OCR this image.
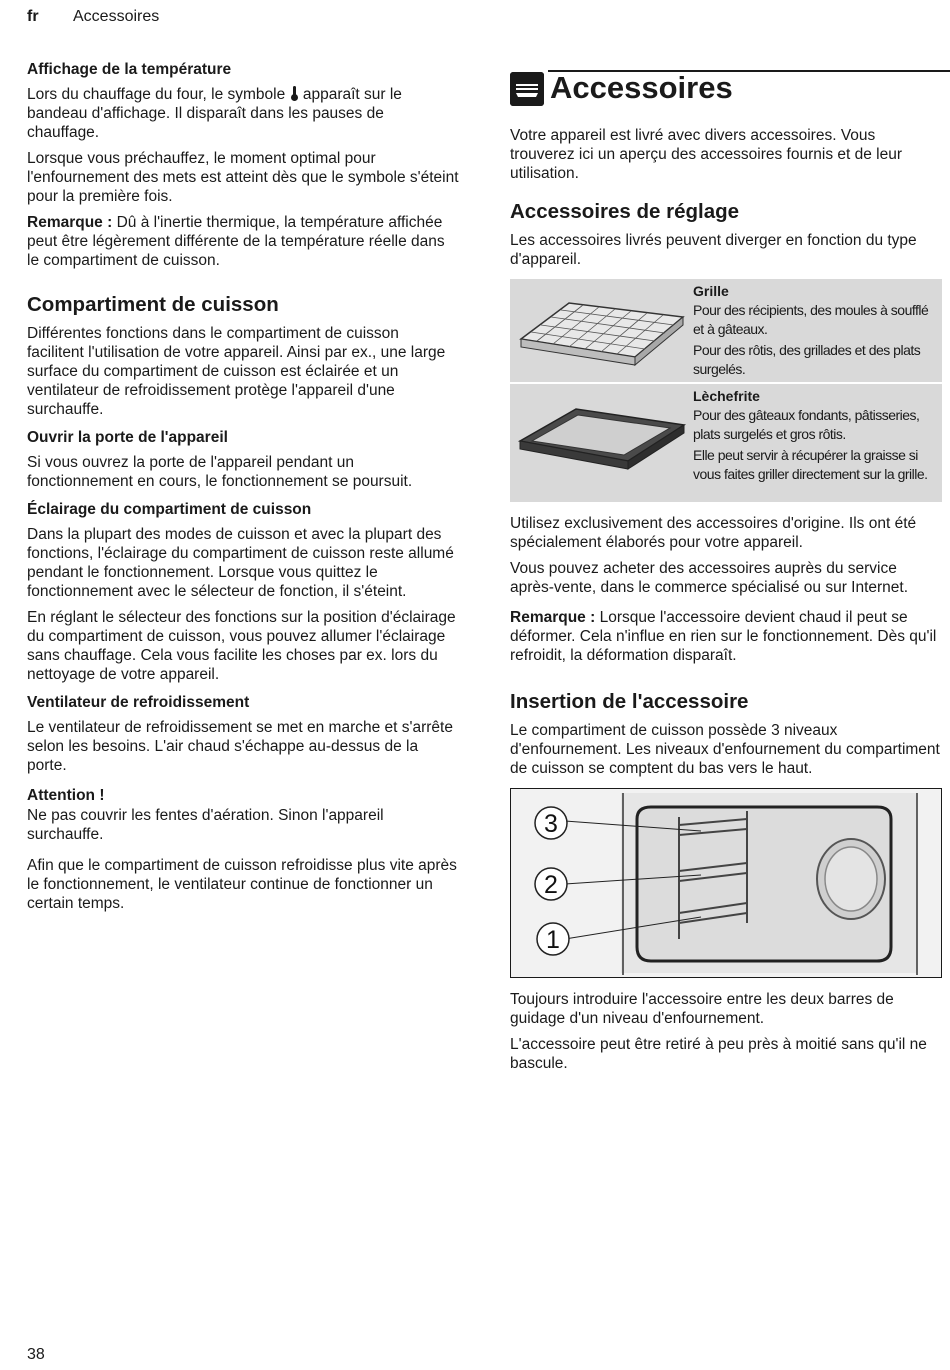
fr Accessoires
Affichage de la température

Lors du chauffage du four, le symbole apparaît sur le bandeau d'affichage. Il disparaît dans les pauses de chauffage.

Lorsque vous préchauffez, le moment optimal pour l'enfournement des mets est atteint dès que le symbole s'éteint pour la première fois.

Remarque : Dû à l'inertie thermique, la température affichée peut être légèrement différente de la température réelle dans le compartiment de cuisson.

Compartiment de cuisson

Différentes fonctions dans le compartiment de cuisson facilitent l'utilisation de votre appareil. Ainsi par ex., une large surface du compartiment de cuisson est éclairée et un ventilateur de refroidissement protège l'appareil d'une surchauffe.

Ouvrir la porte de l'appareil

Si vous ouvrez la porte de l'appareil pendant un fonctionnement en cours, le fonctionnement se poursuit.

Éclairage du compartiment de cuisson

Dans la plupart des modes de cuisson et avec la plupart des fonctions, l'éclairage du compartiment de cuisson reste allumé pendant le fonctionnement. Lorsque vous quittez le fonctionnement avec le sélecteur de fonction, il s'éteint.

En réglant le sélecteur des fonctions sur la position d'éclairage du compartiment de cuisson, vous pouvez allumer l'éclairage sans chauffage. Cela vous facilite les choses par ex. lors du nettoyage de votre appareil.

Ventilateur de refroidissement

Le ventilateur de refroidissement se met en marche et s'arrête selon les besoins. L'air chaud s'échappe au-dessus de la porte.

Attention !

Ne pas couvrir les fentes d'aération. Sinon l'appareil surchauffe.

Afin que le compartiment de cuisson refroidisse plus vite après le fonctionnement, le ventilateur continue de fonctionner un certain temps.

Accessoires

Votre appareil est livré avec divers accessoires. Vous trouverez ici un aperçu des accessoires fournis et de leur utilisation.

Accessoires de réglage

Les accessoires livrés peuvent diverger en fonction du type d'appareil.

Grille
Pour des récipients, des moules à soufflé et à gâteaux.
Pour des rôtis, des grillades et des plats surgelés.
Lèchefrite
Pour des gâteaux fondants, pâtisseries, plats surgelés et gros rôtis.
Elle peut servir à récupérer la graisse si vous faites griller directement sur la grille.

Utilisez exclusivement des accessoires d'origine. Ils ont été spécialement élaborés pour votre appareil.

Vous pouvez acheter des accessoires auprès du service après-vente, dans le commerce spécialisé ou sur Internet.

Remarque : Lorsque l'accessoire devient chaud il peut se déformer. Cela n'influe en rien sur le fonctionnement. Dès qu'il refroidit, la déformation disparaît.

Insertion de l'accessoire

Le compartiment de cuisson possède 3 niveaux d'enfournement. Les niveaux d'enfournement du compartiment de cuisson se comptent du bas vers le haut.

3
2
1

Toujours introduire l'accessoire entre les deux barres de guidage d'un niveau d'enfournement.

L'accessoire peut être retiré à peu près à moitié sans qu'il ne bascule.

38
